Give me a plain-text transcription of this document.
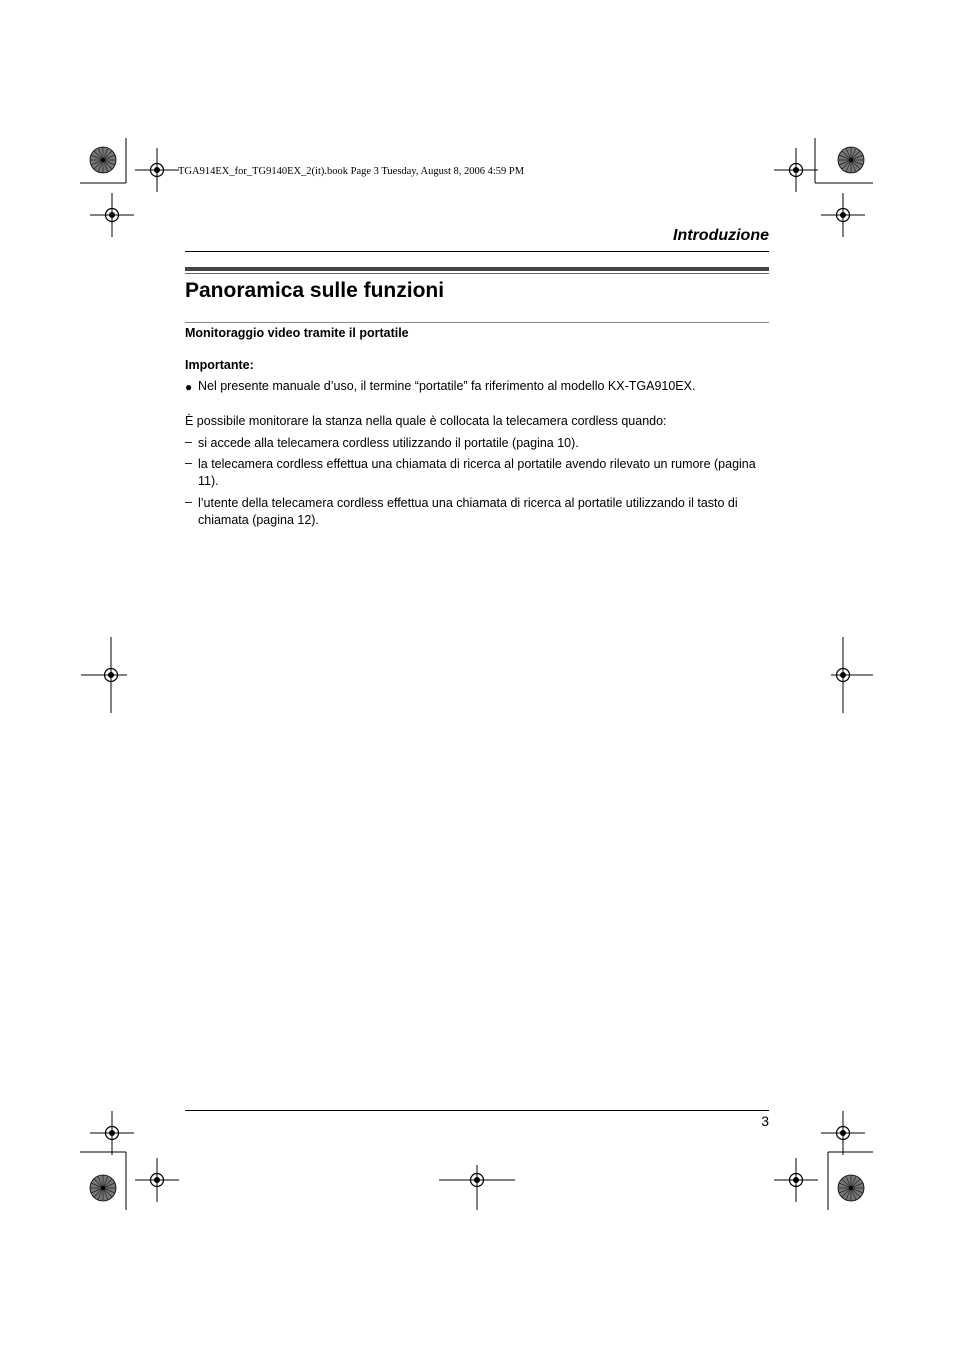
TGA914EX_for_TG9140EX_2(it).book Page 3 Tuesday, August 8, 2006 4:59 PM
Introduzione
Panoramica sulle funzioni
Monitoraggio video tramite il portatile
Importante:
● Nel presente manuale d’uso, il termine “portatile” fa riferimento al modello KX-TGA910EX.
È possibile monitorare la stanza nella quale è collocata la telecamera cordless quando:
– si accede alla telecamera cordless utilizzando il portatile (pagina 10).
– la telecamera cordless effettua una chiamata di ricerca al portatile avendo rilevato un rumore (pagina 11).
– l’utente della telecamera cordless effettua una chiamata di ricerca al portatile utilizzando il tasto di chiamata (pagina 12).
3
